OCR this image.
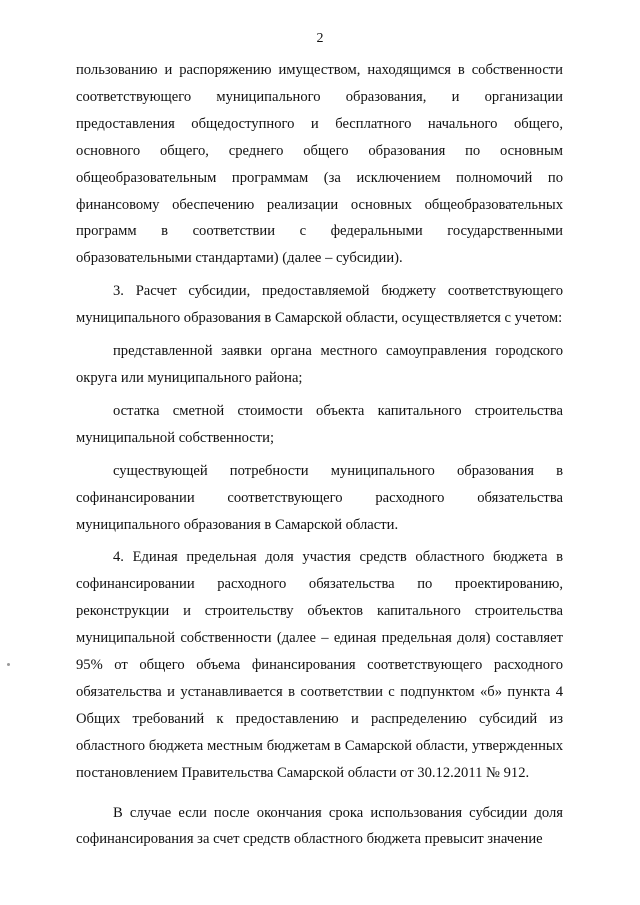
2

пользованию и распоряжению имуществом, находящимся в собственности соответствующего муниципального образования, и организации предоставления общедоступного и бесплатного начального общего, основного общего, среднего общего образования по основным общеобразовательным программам (за исключением полномочий по финансовому обеспечению реализации основных общеобразовательных программ в соответствии с федеральными государственными образовательными стандартами) (далее – субсидии).

3. Расчет субсидии, предоставляемой бюджету соответствующего муниципального образования в Самарской области, осуществляется с учетом:

представленной заявки органа местного самоуправления городского округа или муниципального района;

остатка сметной стоимости объекта капитального строительства муниципальной собственности;

существующей потребности муниципального образования в софинансировании соответствующего расходного обязательства муниципального образования в Самарской области.

4. Единая предельная доля участия средств областного бюджета в софинансировании расходного обязательства по проектированию, реконструкции и строительству объектов капитального строительства муниципальной собственности (далее – единая предельная доля) составляет 95% от общего объема финансирования соответствующего расходного обязательства и устанавливается в соответствии с подпунктом «б» пункта 4 Общих требований к предоставлению и распределению субсидий из областного бюджета местным бюджетам в Самарской области, утвержденных постановлением Правительства Самарской области от 30.12.2011 № 912.

В случае если после окончания срока использования субсидии доля софинансирования за счет средств областного бюджета превысит значение
